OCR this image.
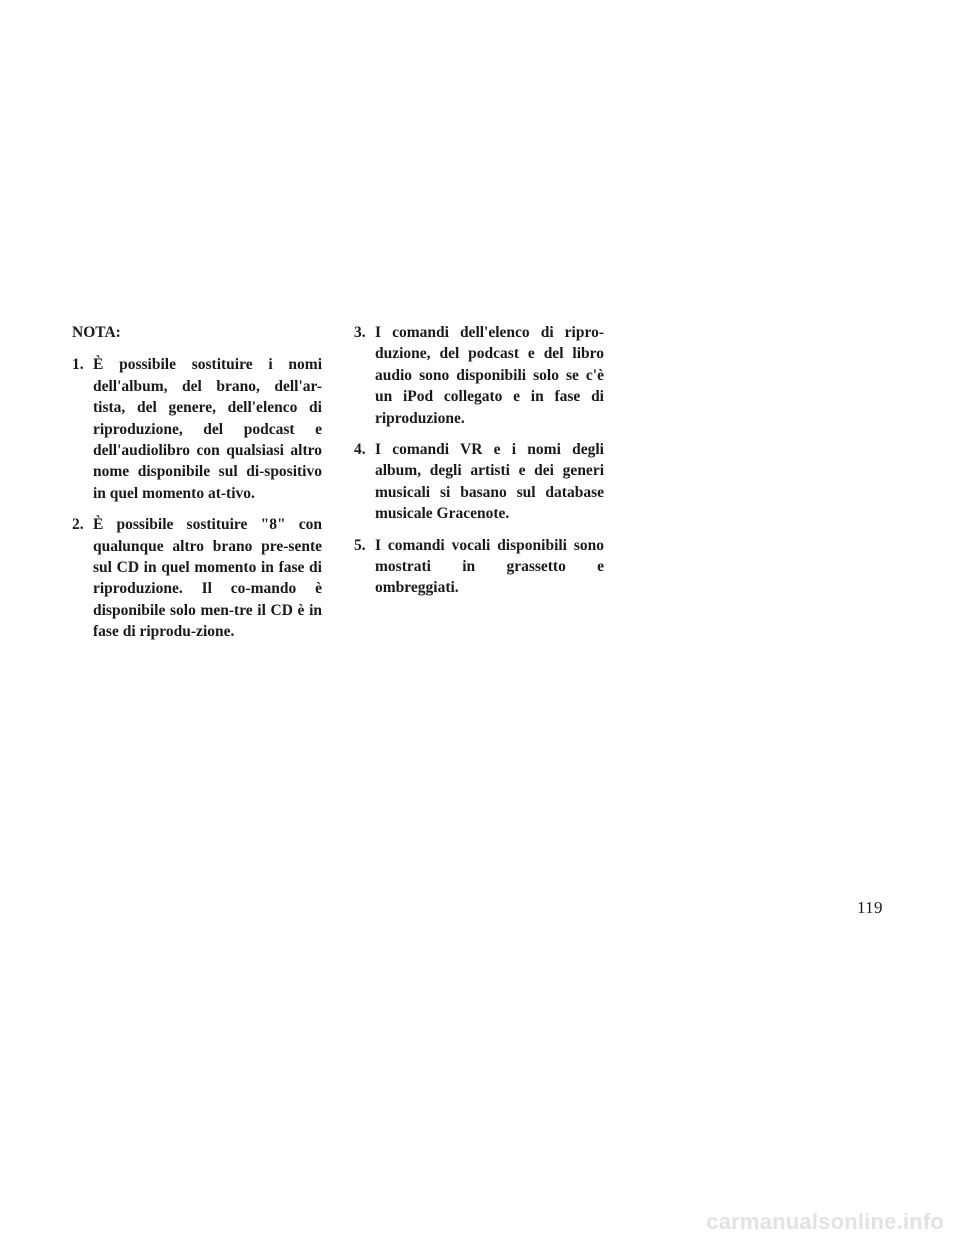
NOTA:
1. È possibile sostituire i nomi dell'album, del brano, dell'ar-tista, del genere, dell'elenco di riproduzione, del podcast e dell'audiolibro con qualsiasi altro nome disponibile sul di-spositivo in quel momento at-tivo.
2. È possibile sostituire "8" con qualunque altro brano pre-sente sul CD in quel momento in fase di riproduzione. Il co-mando è disponibile solo men-tre il CD è in fase di riprodu-zione.
3. I comandi dell'elenco di ripro-duzione, del podcast e del libro audio sono disponibili solo se c'è un iPod collegato e in fase di riproduzione.
4. I comandi VR e i nomi degli album, degli artisti e dei generi musicali si basano sul database musicale Gracenote.
5. I comandi vocali disponibili sono mostrati in grassetto e ombreggiati.
119
carmanualsonline.info
